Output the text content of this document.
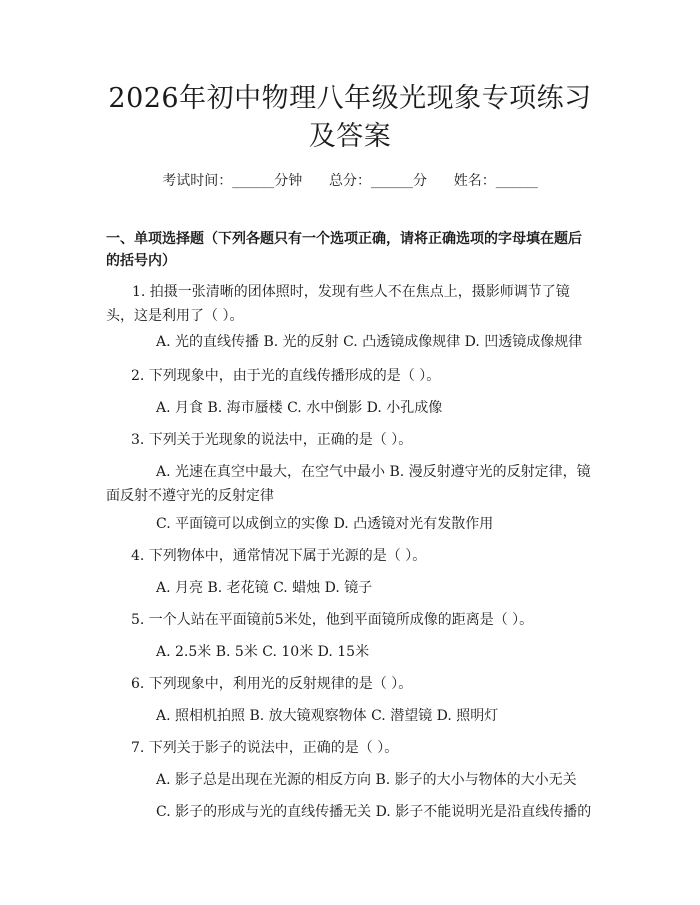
2026年初中物理八年级光现象专项练习及答案
考试时间：______分钟 总分：______分 姓名：______
一、单项选择题（下列各题只有一个选项正确，请将正确选项的字母填在题后的括号内）
1. 拍摄一张清晰的团体照时，发现有些人不在焦点上，摄影师调节了镜头，这是利用了（ ）。
A. 光的直线传播 B. 光的反射 C. 凸透镜成像规律 D. 凹透镜成像规律
2. 下列现象中，由于光的直线传播形成的是（ ）。
A. 月食 B. 海市蜃楼 C. 水中倒影 D. 小孔成像
3. 下列关于光现象的说法中，正确的是（ ）。
A. 光速在真空中最大，在空气中最小 B. 漫反射遵守光的反射定律，镜面反射不遵守光的反射定律
C. 平面镜可以成倒立的实像 D. 凸透镜对光有发散作用
4. 下列物体中，通常情况下属于光源的是（ ）。
A. 月亮 B. 老花镜 C. 蜡烛 D. 镜子
5. 一个人站在平面镜前5米处，他到平面镜所成像的距离是（ ）。
A. 2.5米 B. 5米 C. 10米 D. 15米
6. 下列现象中，利用光的反射规律的是（ ）。
A. 照相机拍照 B. 放大镜观察物体 C. 潜望镜 D. 照明灯
7. 下列关于影子的说法中，正确的是（ ）。
A. 影子总是出现在光源的相反方向 B. 影子的大小与物体的大小无关
C. 影子的形成与光的直线传播无关 D. 影子不能说明光是沿直线传播的
